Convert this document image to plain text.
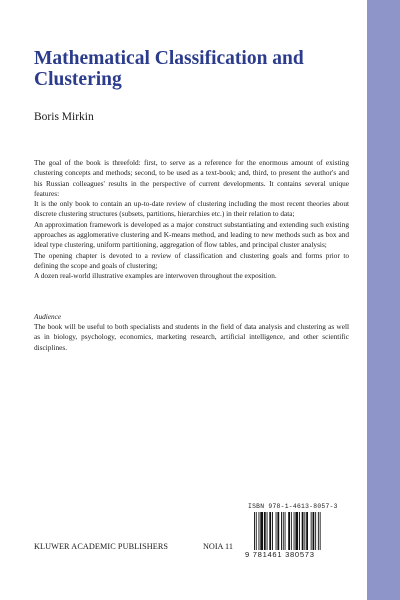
Mathematical Classification and Clustering
Boris Mirkin

The goal of the book is threefold: first, to serve as a reference for the enormous amount of existing clustering concepts and methods; second, to be used as a text-book; and, third, to present the author's and his Russian colleagues' results in the perspective of current developments. It contains several unique features:

It is the only book to contain an up-to-date review of clustering including the most recent theories about discrete clustering structures (subsets, partitions, hierarchies etc.) in their relation to data;

An approximation framework is developed as a major construct substantiating and extending such existing approaches as agglomerative clustering and K-means method, and leading to new methods such as box and ideal type clustering, uniform partitioning, aggregation of flow tables, and principal cluster analysis;

The opening chapter is devoted to a review of classification and clustering goals and forms prior to defining the scope and goals of clustering;

A dozen real-world illustrative examples are interwoven throughout the exposition.

Audience

The book will be useful to both specialists and students in the field of data analysis and clustering as well as in biology, psychology, economics, marketing research, artificial intelligence, and other scientific disciplines.

ISBN 978-1-4613-8057-3
9 781461 380573
KLUWER ACADEMIC PUBLISHERS	NOIA 11
